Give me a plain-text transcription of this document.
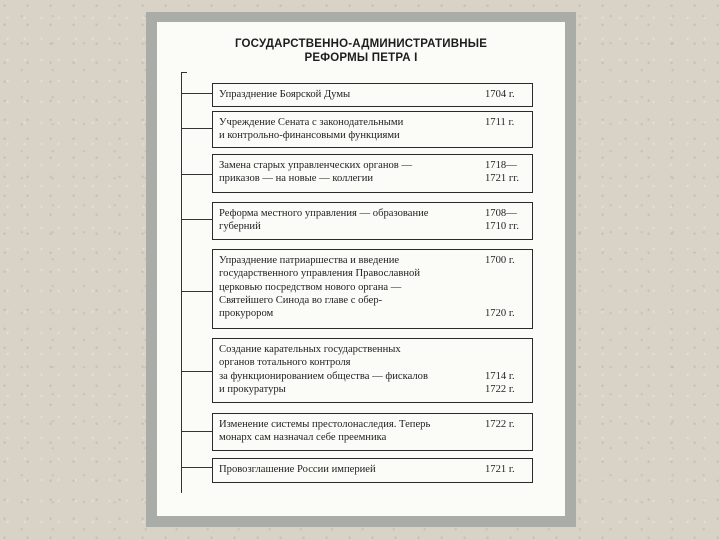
ГОСУДАРСТВЕННО-АДМИНИСТРАТИВНЫЕ
РЕФОРМЫ ПЕТРА I
Упразднение Боярской Думы	1704 г.
Учреждение Сената с законодательными
и контрольно-финансовыми функциями
1711 г.
Замена старых управленческих органов —
приказов — на новые — коллегии
1718—
1721 гг.
Реформа местного управления — образование
губерний
1708—
1710 гг.
Упразднение патриаршества и введение
государственного управления Православной
церковью посредством нового органа —
Святейшего Синода во главе с обер-
прокурором
1700 г.

1720 г.
Создание карательных государственных
органов тотального контроля
за функционированием общества — фискалов
и прокуратуры

1714 г.
1722 г.
Изменение системы престолонаследия. Теперь
монарх сам назначал себе преемника
1722 г.
Провозглашение России империей	1721 г.
